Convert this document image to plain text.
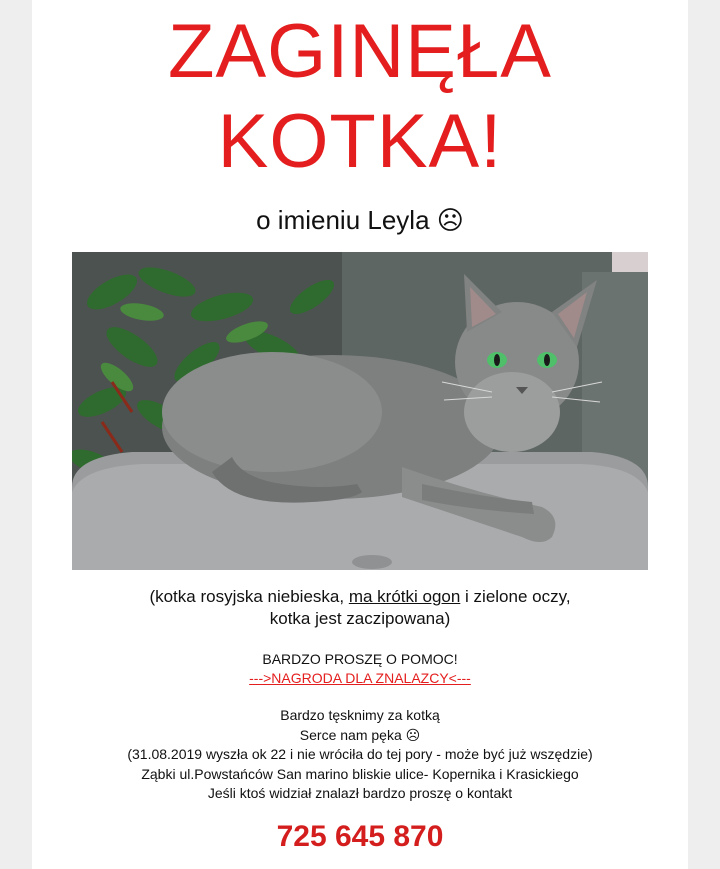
ZAGINĘŁA
KOTKA!
o imieniu Leyla ☹
(kotka rosyjska niebieska, ma krótki ogon i zielone oczy,
kotka jest zaczipowana)
BARDZO PROSZĘ O POMOC!
--->NAGRODA DLA ZNALAZCY<---
Bardzo tęsknimy za kotką
Serce nam pęka ☹
(31.08.2019 wyszła ok 22 i nie wróciła do tej pory - może być już wszędzie)
Ząbki ul.Powstańców San marino bliskie ulice- Kopernika i Krasickiego
Jeśli ktoś widział znalazł bardzo proszę o kontakt
725 645 870
